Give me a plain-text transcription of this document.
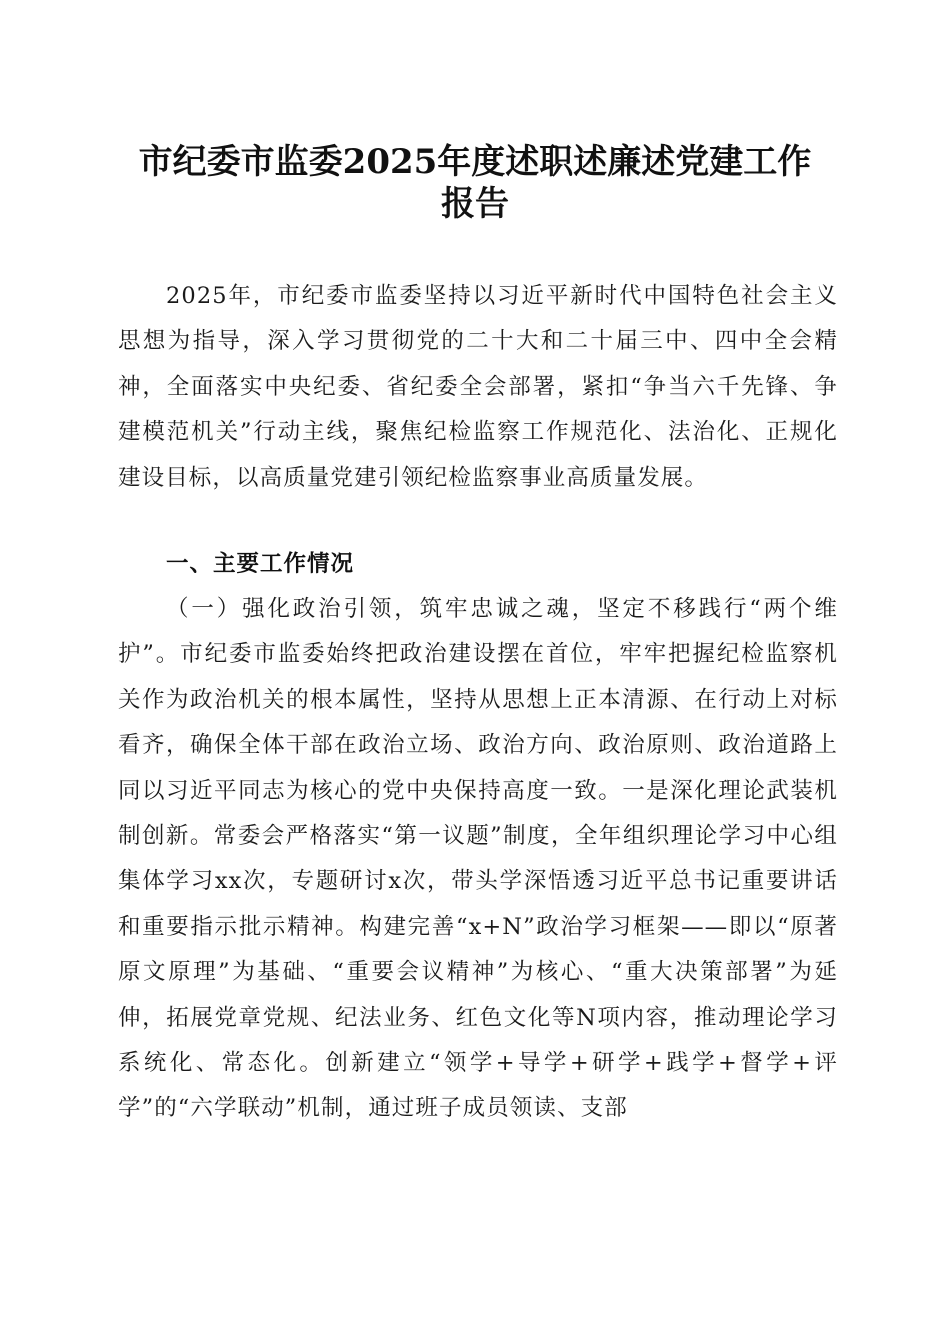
市纪委市监委2025年度述职述廉述党建工作
报告

2025年，市纪委市监委坚持以习近平新时代中国特色社会主义思想为指导，深入学习贯彻党的二十大和二十届三中、四中全会精神，全面落实中央纪委、省纪委全会部署，紧扣“争当六千先锋、争建模范机关”行动主线，聚焦纪检监察工作规范化、法治化、正规化建设目标，以高质量党建引领纪检监察事业高质量发展。

一、主要工作情况

（一）强化政治引领，筑牢忠诚之魂，坚定不移践行“两个维护”。市纪委市监委始终把政治建设摆在首位，牢牢把握纪检监察机关作为政治机关的根本属性，坚持从思想上正本清源、在行动上对标看齐，确保全体干部在政治立场、政治方向、政治原则、政治道路上同以习近平同志为核心的党中央保持高度一致。一是深化理论武装机制创新。常委会严格落实“第一议题”制度，全年组织理论学习中心组集体学习xx次，专题研讨x次，带头学深悟透习近平总书记重要讲话和重要指示批示精神。构建完善“x+N”政治学习框架——即以“原著原文原理”为基础、“重要会议精神”为核心、“重大决策部署”为延伸，拓展党章党规、纪法业务、红色文化等N项内容，推动理论学习系统化、常态化。创新建立“领学+导学+研学+践学+督学+评学”的“六学联动”机制，通过班子成员领读、支部
